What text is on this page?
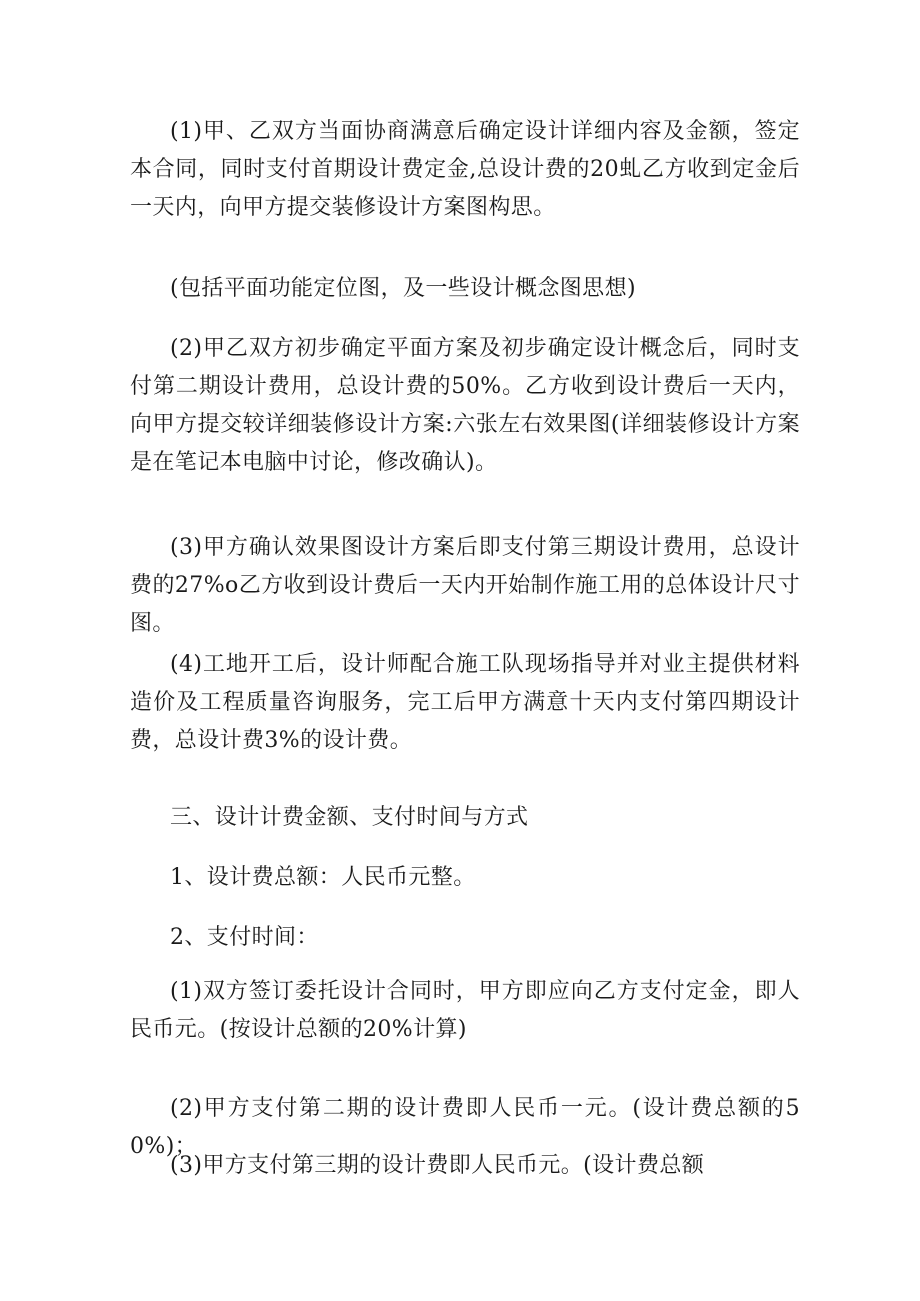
(1)甲、乙双方当面协商满意后确定设计详细内容及金额，签定本合同，同时支付首期设计费定金,总设计费的20虬乙方收到定金后一天内，向甲方提交装修设计方案图构思。

(包括平面功能定位图，及一些设计概念图思想)

(2)甲乙双方初步确定平面方案及初步确定设计概念后，同时支付第二期设计费用，总设计费的50%。乙方收到设计费后一天内，向甲方提交较详细装修设计方案:六张左右效果图(详细装修设计方案是在笔记本电脑中讨论，修改确认)。

(3)甲方确认效果图设计方案后即支付第三期设计费用，总设计费的27%o乙方收到设计费后一天内开始制作施工用的总体设计尺寸图。

(4)工地开工后，设计师配合施工队现场指导并对业主提供材料造价及工程质量咨询服务，完工后甲方满意十天内支付第四期设计费，总设计费3%的设计费。

三、设计计费金额、支付时间与方式

1、设计费总额：人民币元整。

2、支付时间：

(1)双方签订委托设计合同时，甲方即应向乙方支付定金，即人民币元。(按设计总额的20%计算)

(2)甲方支付第二期的设计费即人民币一元。(设计费总额的50%)；

(3)甲方支付第三期的设计费即人民币元。(设计费总额
